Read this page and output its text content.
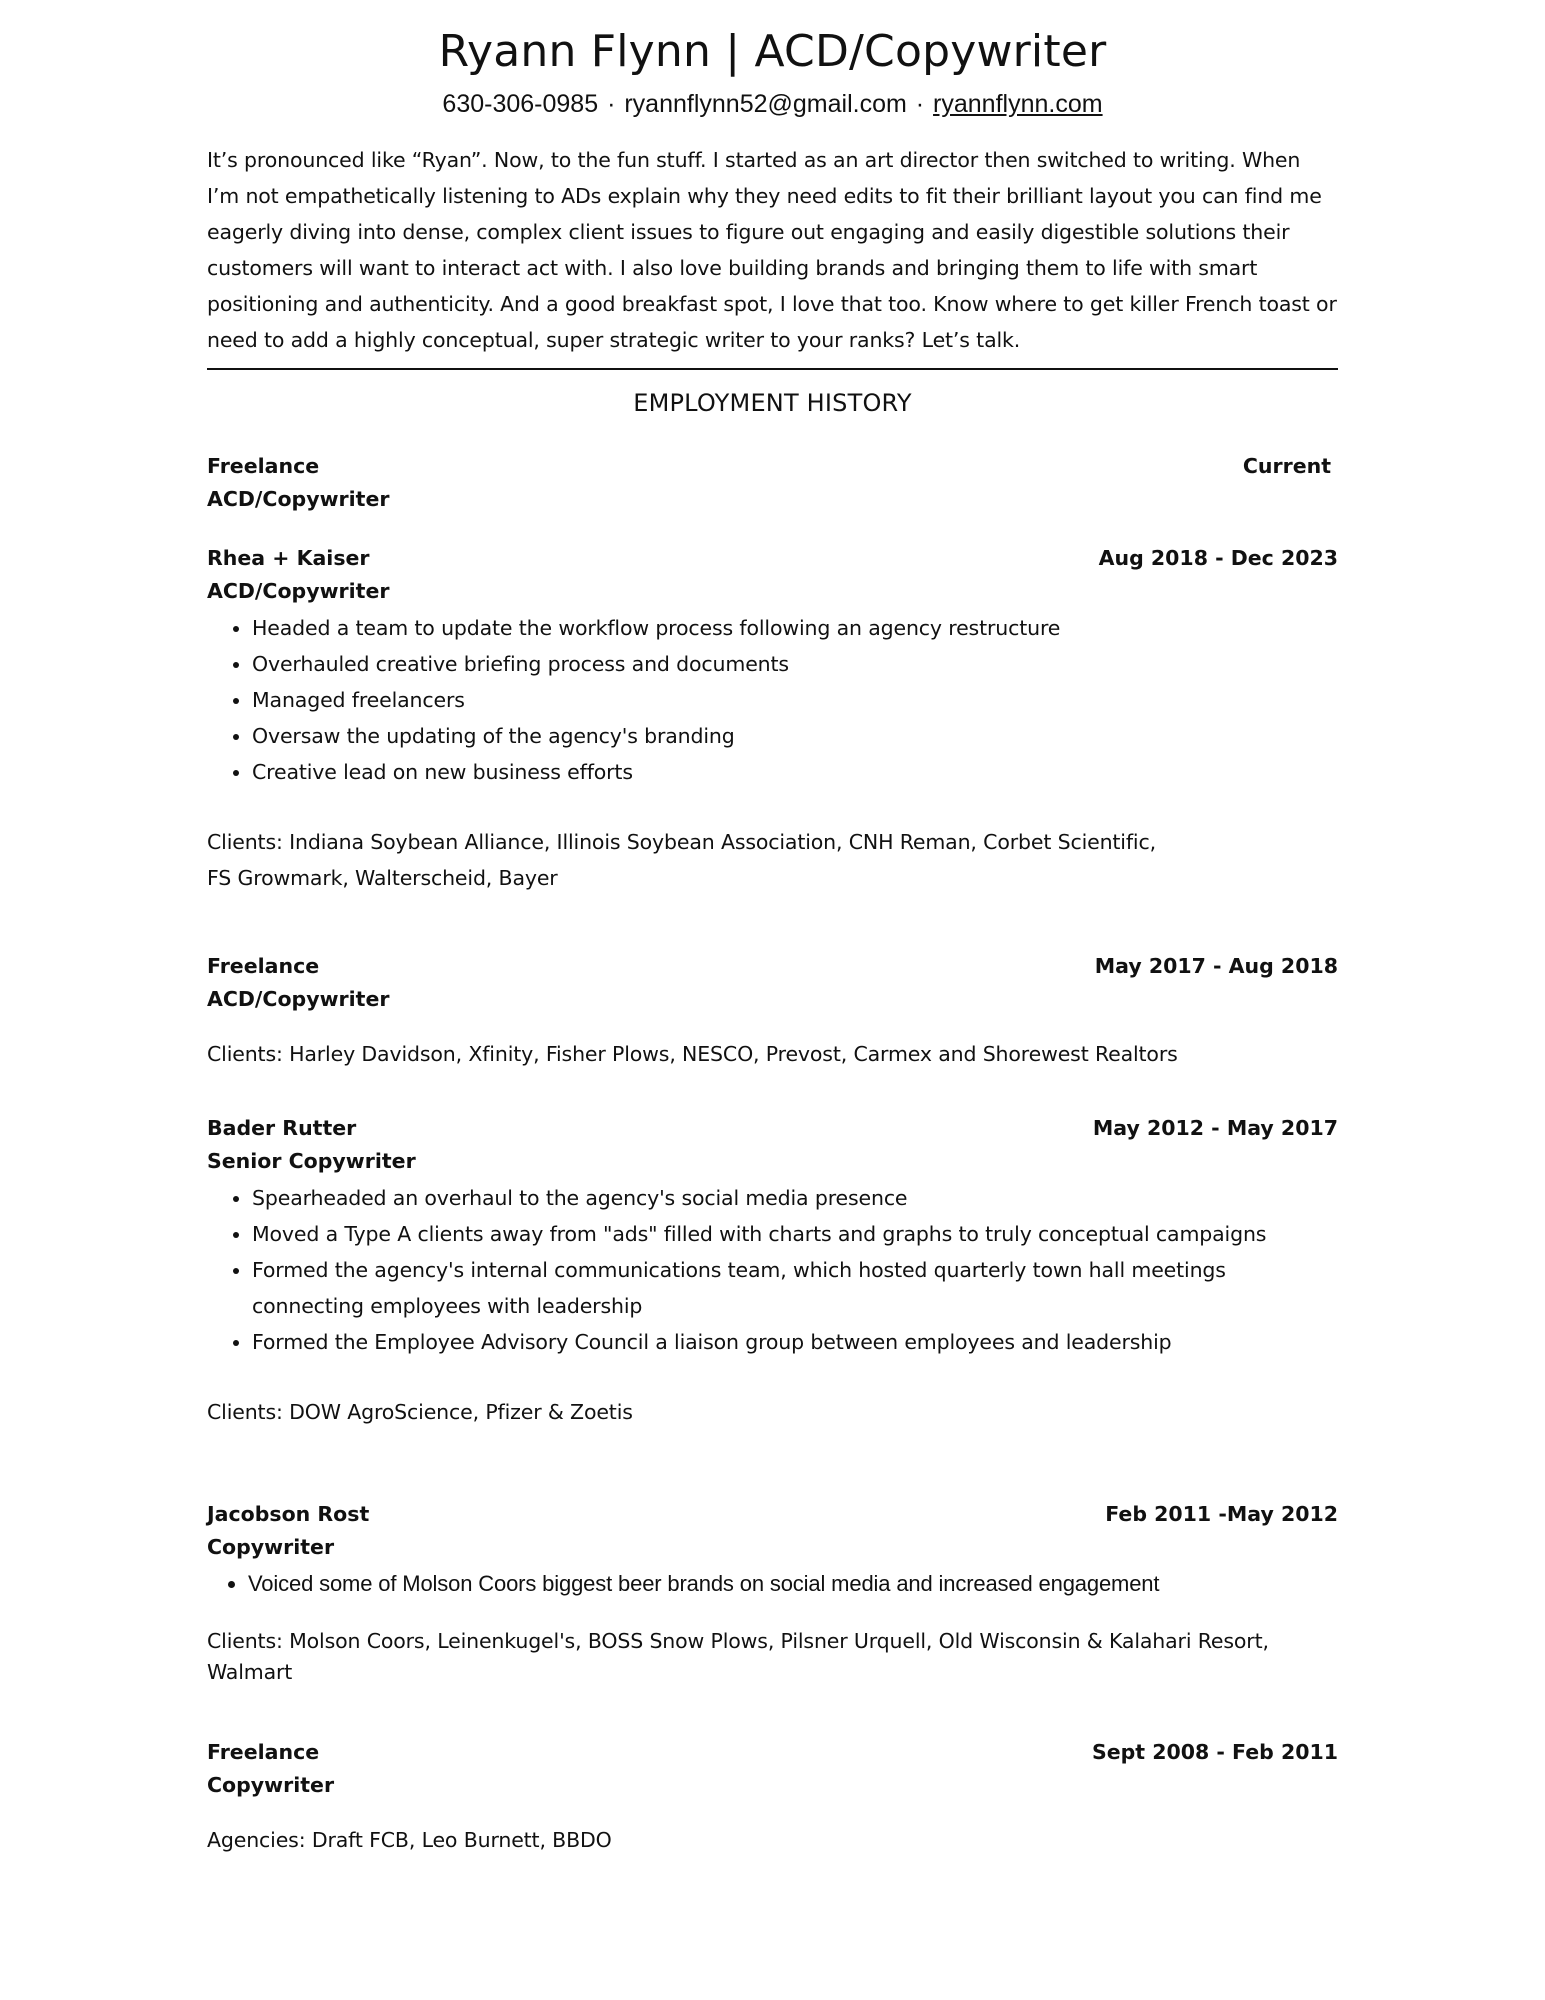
Ryann Flynn | ACD/Copywriter
630-306-0985 · ryannflynn52@gmail.com · ryannflynn.com
It’s pronounced like “Ryan”. Now, to the fun stuff. I started as an art director then switched to writing. When I’m not empathetically listening to ADs explain why they need edits to fit their brilliant layout you can find me eagerly diving into dense, complex client issues to figure out engaging and easily digestible solutions their customers will want to interact act with. I also love building brands and bringing them to life with smart positioning and authenticity. And a good breakfast spot, I love that too. Know where to get killer French toast or need to add a highly conceptual, super strategic writer to your ranks? Let’s talk.
EMPLOYMENT HISTORY
Freelance	Current
ACD/Copywriter
Rhea + Kaiser	Aug 2018 - Dec 2023
ACD/Copywriter
• Headed a team to update the workflow process following an agency restructure
• Overhauled creative briefing process and documents
• Managed freelancers
• Oversaw the updating of the agency's branding
• Creative lead on new business efforts
Clients: Indiana Soybean Alliance, Illinois Soybean Association, CNH Reman, Corbet Scientific,
FS Growmark, Walterscheid, Bayer
Freelance	May 2017 - Aug 2018
ACD/Copywriter
Clients: Harley Davidson, Xfinity, Fisher Plows, NESCO, Prevost, Carmex and Shorewest Realtors
Bader Rutter	May 2012 - May 2017
Senior Copywriter
• Spearheaded an overhaul to the agency's social media presence
• Moved a Type A clients away from "ads" filled with charts and graphs to truly conceptual campaigns
• Formed the agency's internal communications team, which hosted quarterly town hall meetings connecting employees with leadership
• Formed the Employee Advisory Council a liaison group between employees and leadership
Clients: DOW AgroScience, Pfizer & Zoetis
Jacobson Rost	Feb 2011 -May 2012
Copywriter
• Voiced some of Molson Coors biggest beer brands on social media and increased engagement
Clients: Molson Coors, Leinenkugel's, BOSS Snow Plows, Pilsner Urquell, Old Wisconsin & Kalahari Resort, Walmart
Freelance	Sept 2008 - Feb 2011
Copywriter
Agencies: Draft FCB, Leo Burnett, BBDO
